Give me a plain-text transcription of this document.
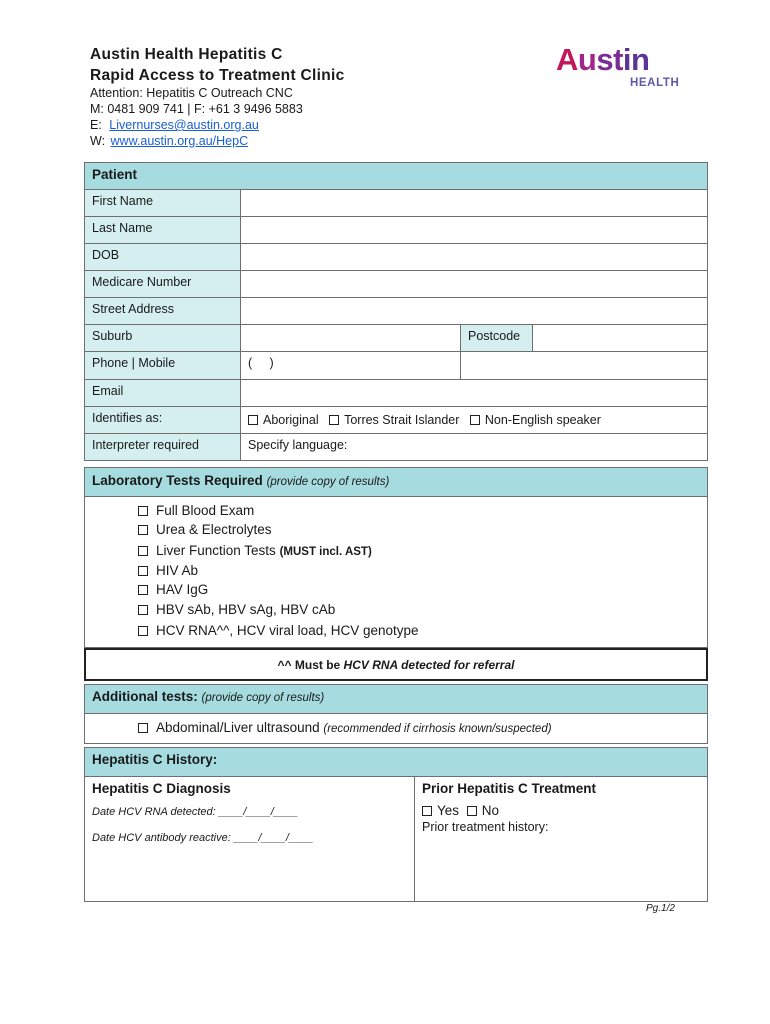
Austin Health Hepatitis C
Rapid Access to Treatment Clinic
Attention: Hepatitis C Outreach CNC
M: 0481 909 741 | F: +61 3 9496 5883
E: Livernurses@austin.org.au
W: www.austin.org.au/HepC
Austin
HEALTH
Patient
First Name
Last Name
DOB
Medicare Number
Street Address
Suburb	Postcode
Phone | Mobile	(     )
Email
Identifies as:	Aboriginal Torres Strait Islander Non-English speaker
Interpreter required	Specify language:
Laboratory Tests Required (provide copy of results)
Full Blood Exam
Urea & Electrolytes
Liver Function Tests (MUST incl. AST)
HIV Ab
HAV IgG
HBV sAb, HBV sAg, HBV cAb
HCV RNA^^, HCV viral load, HCV genotype
^^ Must be HCV RNA detected for referral
Additional tests: (provide copy of results)
Abdominal/Liver ultrasound (recommended if cirrhosis known/suspected)
Hepatitis C History:
Hepatitis C Diagnosis
Date HCV RNA detected: ____/____/____
Date HCV antibody reactive: ____/____/____
Prior Hepatitis C Treatment
Yes No
Prior treatment history:
Pg.1/2
